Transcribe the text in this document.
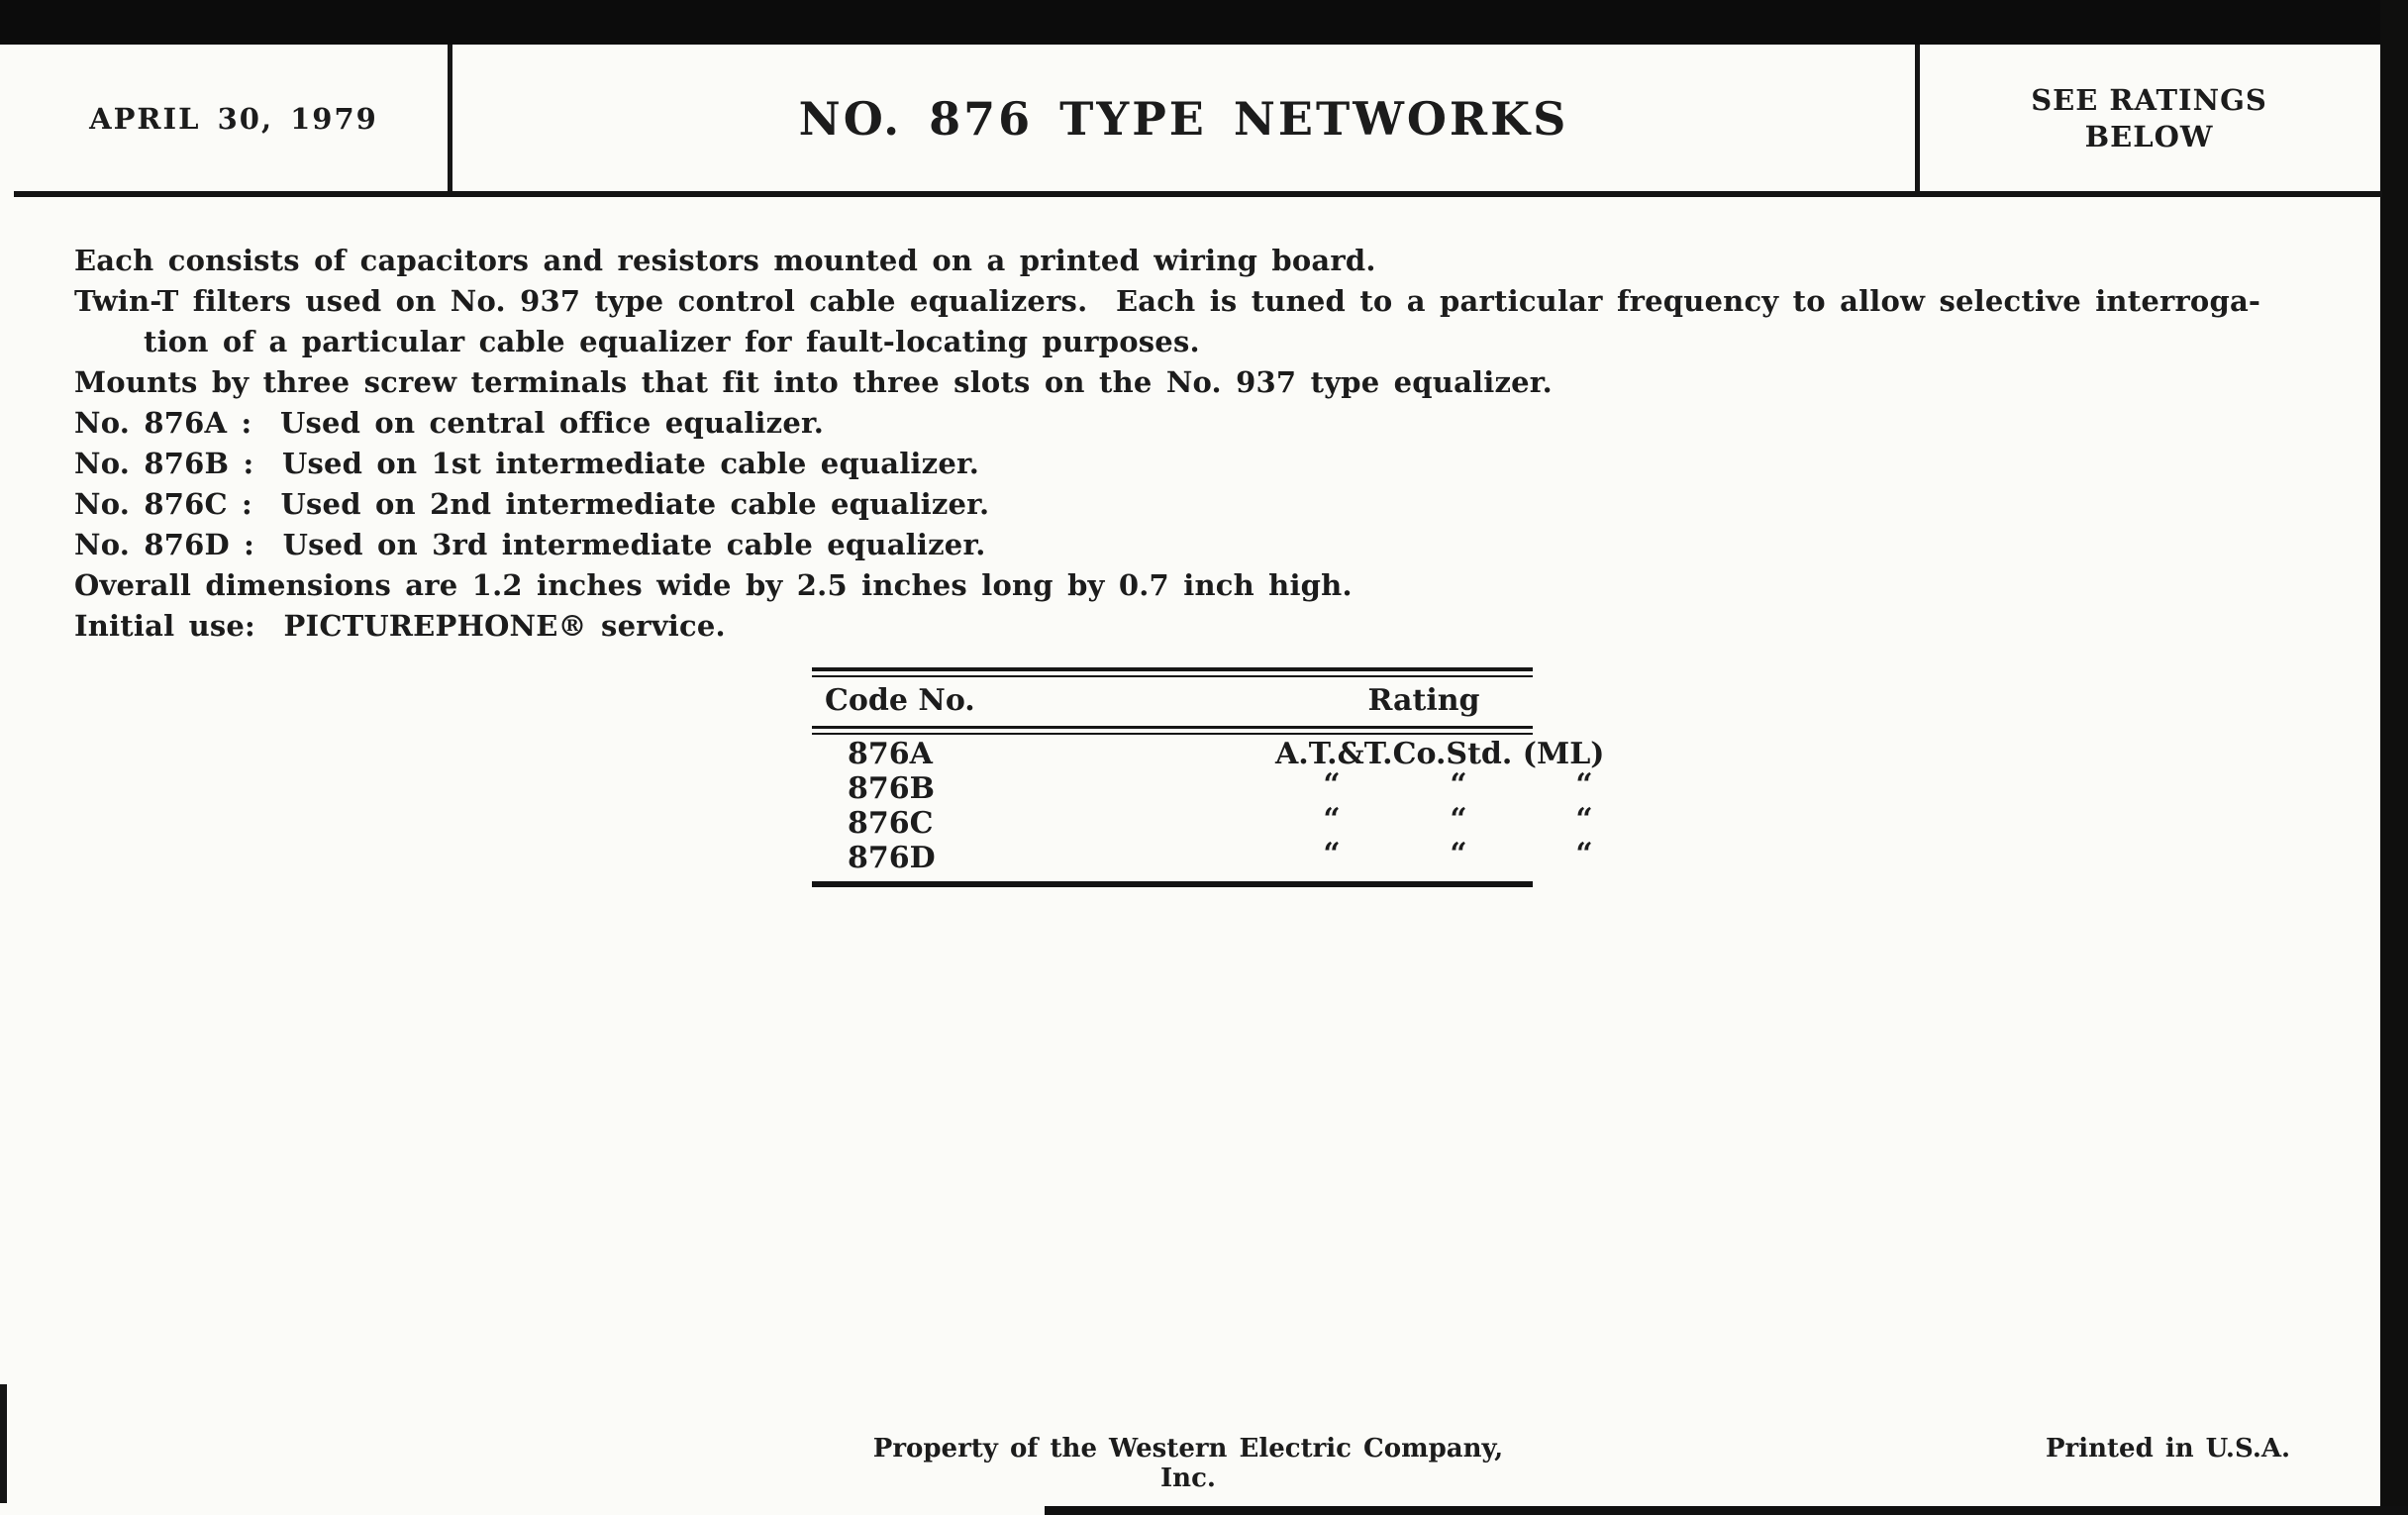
APRIL 30, 1979	NO. 876 TYPE NETWORKS	SEE RATINGS
BELOW
Each consists of capacitors and resistors mounted on a printed wiring board.
Twin-T filters used on No. 937 type control cable equalizers.  Each is tuned to a particular frequency to allow selective interroga-
tion of a particular cable equalizer for fault-locating purposes.
Mounts by three screw terminals that fit into three slots on the No. 937 type equalizer.
No. 876A :  Used on central office equalizer.
No. 876B :  Used on 1st intermediate cable equalizer.
No. 876C :  Used on 2nd intermediate cable equalizer.
No. 876D :  Used on 3rd intermediate cable equalizer.
Overall dimensions are 1.2 inches wide by 2.5 inches long by 0.7 inch high.
Initial use:  PICTUREPHONE® service.
Code No.	Rating
876A	A.T.&T.Co.Std. (ML)
876B	“	“	“
876C	“	“	“
876D	“	“	“
Property of the Western Electric Company, Inc.
Printed in U.S.A.
